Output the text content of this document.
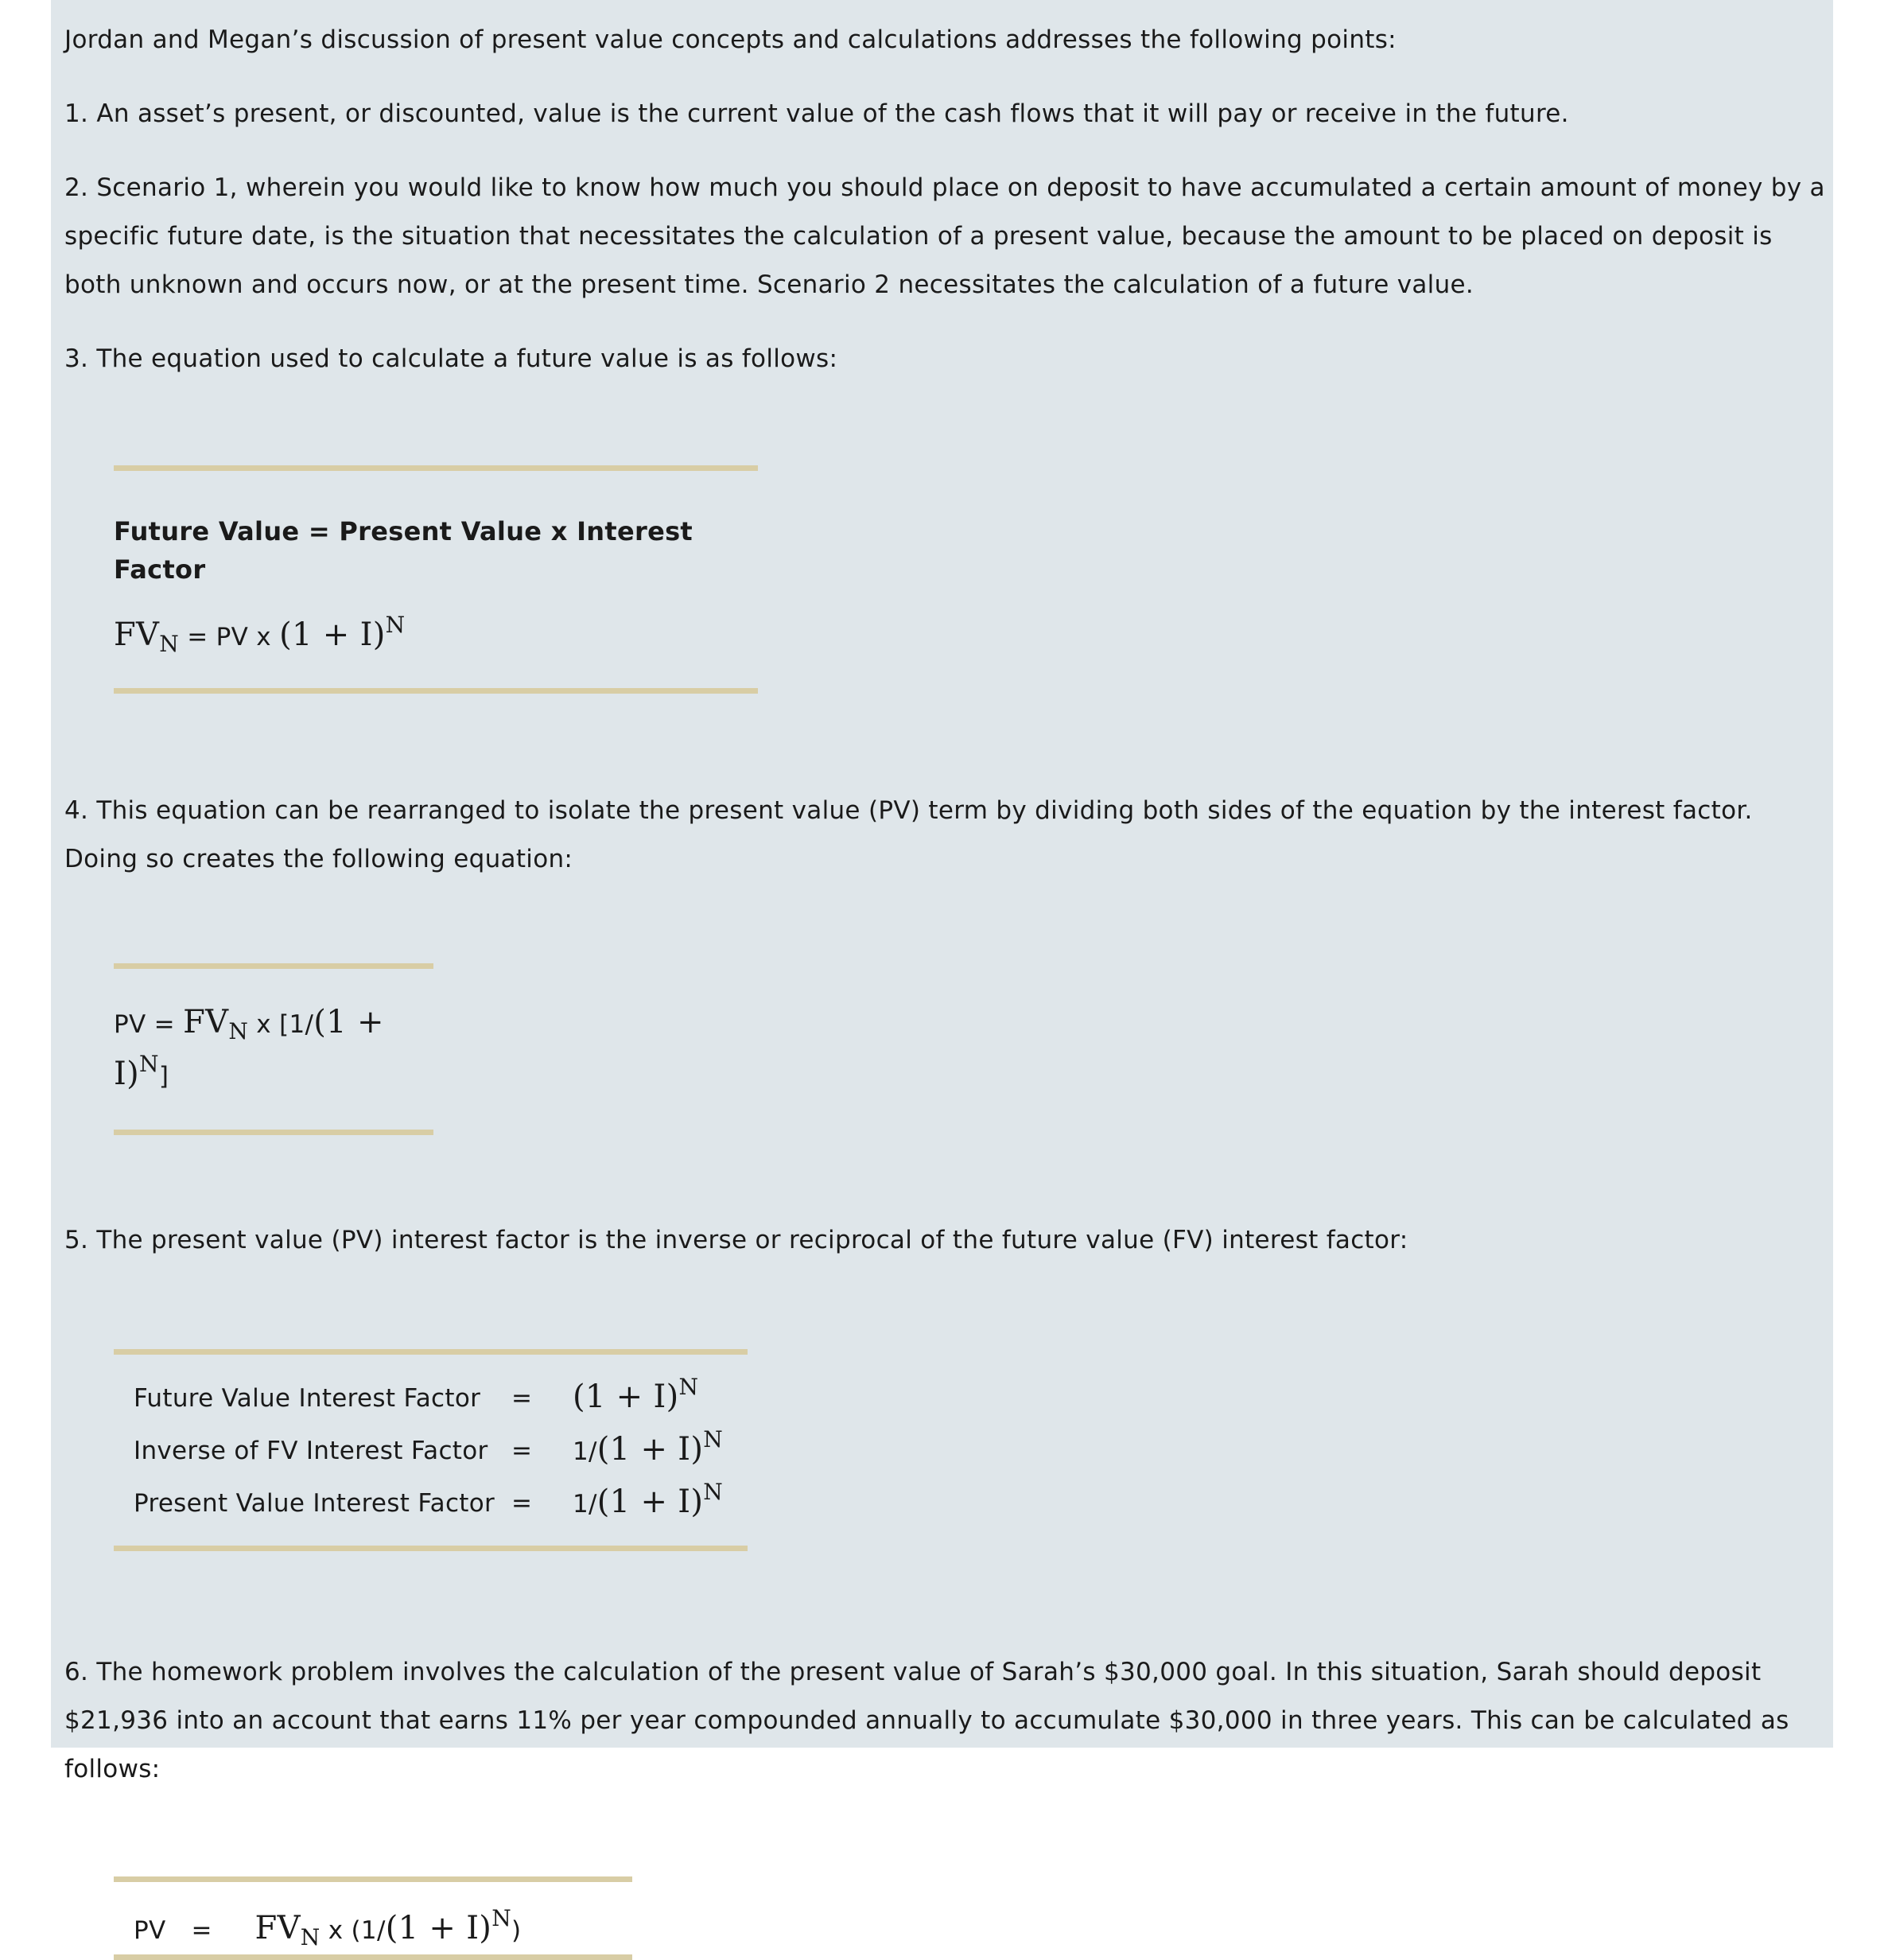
Jordan and Megan’s discussion of present value concepts and calculations addresses the following points:

1. An asset’s present, or discounted, value is the current value of the cash flows that it will pay or receive in the future.

2. Scenario 1, wherein you would like to know how much you should place on deposit to have accumulated a certain amount of money by a specific future date, is the situation that necessitates the calculation of a present value, because the amount to be placed on deposit is both unknown and occurs now, or at the present time. Scenario 2 necessitates the calculation of a future value.

3. The equation used to calculate a future value is as follows:

Future Value = Present Value x Interest Factor
$FV_N$ = PV x $(1 + I)^N$

4. This equation can be rearranged to isolate the present value (PV) term by dividing both sides of the equation by the interest factor. Doing so creates the following equation:

PV = $FV_N$ x $[1/(1 + I)^N]$

5. The present value (PV) interest factor is the inverse or reciprocal of the future value (FV) interest factor:

Future Value Interest Factor	=	$(1 + I)^N$
Inverse of FV Interest Factor	=	$1/(1 + I)^N$
Present Value Interest Factor	=	$1/(1 + I)^N$

6. The homework problem involves the calculation of the present value of Sarah’s $30,000 goal. In this situation, Sarah should deposit $21,936 into an account that earns 11% per year compounded annually to accumulate $30,000 in three years. This can be calculated as follows:

PV = $FV_N$ x $(1/(1 + I)^N)$
